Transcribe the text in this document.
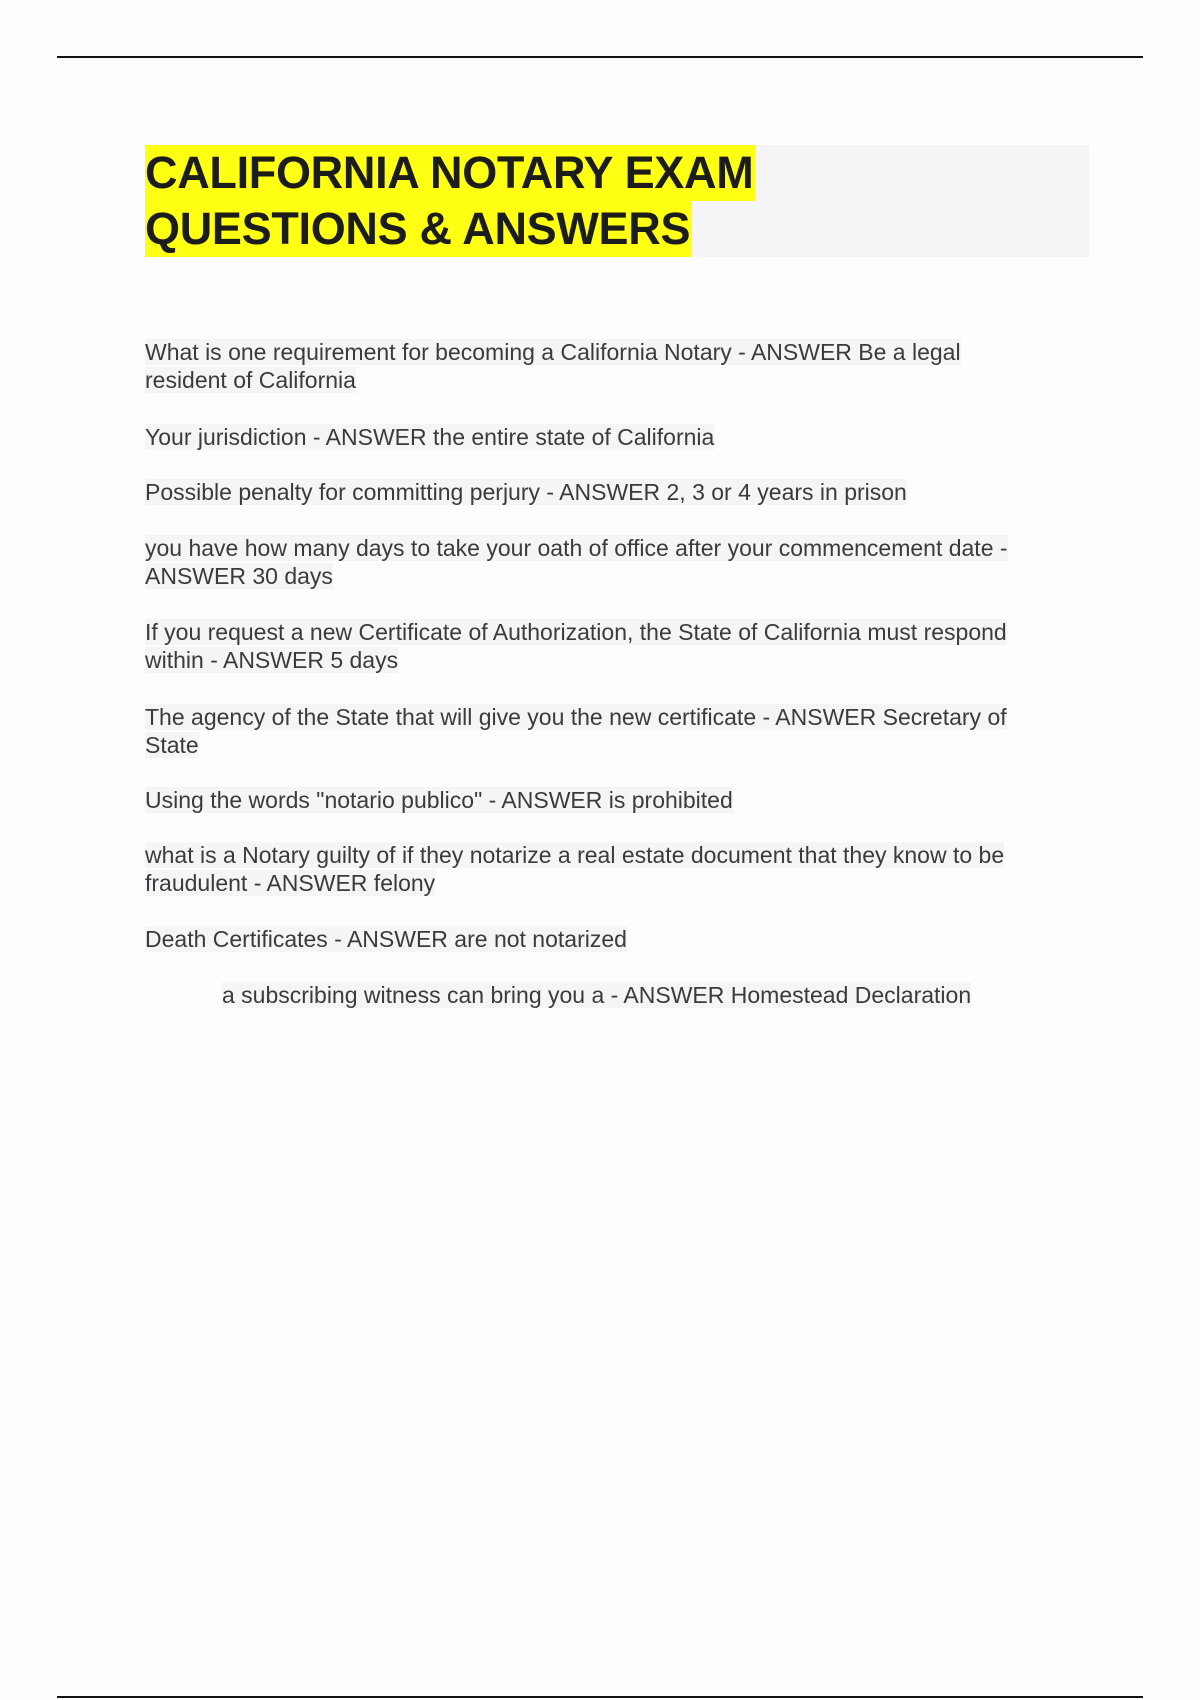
CALIFORNIA NOTARY EXAM
QUESTIONS & ANSWERS

What is one requirement for becoming a California Notary - ANSWER Be a legal
resident of California

Your jurisdiction - ANSWER the entire state of California

Possible penalty for committing perjury - ANSWER 2, 3 or 4 years in prison

you have how many days to take your oath of office after your commencement date -
ANSWER 30 days

If you request a new Certificate of Authorization, the State of California must respond
within - ANSWER 5 days

The agency of the State that will give you the new certificate - ANSWER Secretary of
State

Using the words "notario publico" - ANSWER is prohibited

what is a Notary guilty of if they notarize a real estate document that they know to be
fraudulent - ANSWER felony

Death Certificates - ANSWER are not notarized

a subscribing witness can bring you a - ANSWER Homestead Declaration
